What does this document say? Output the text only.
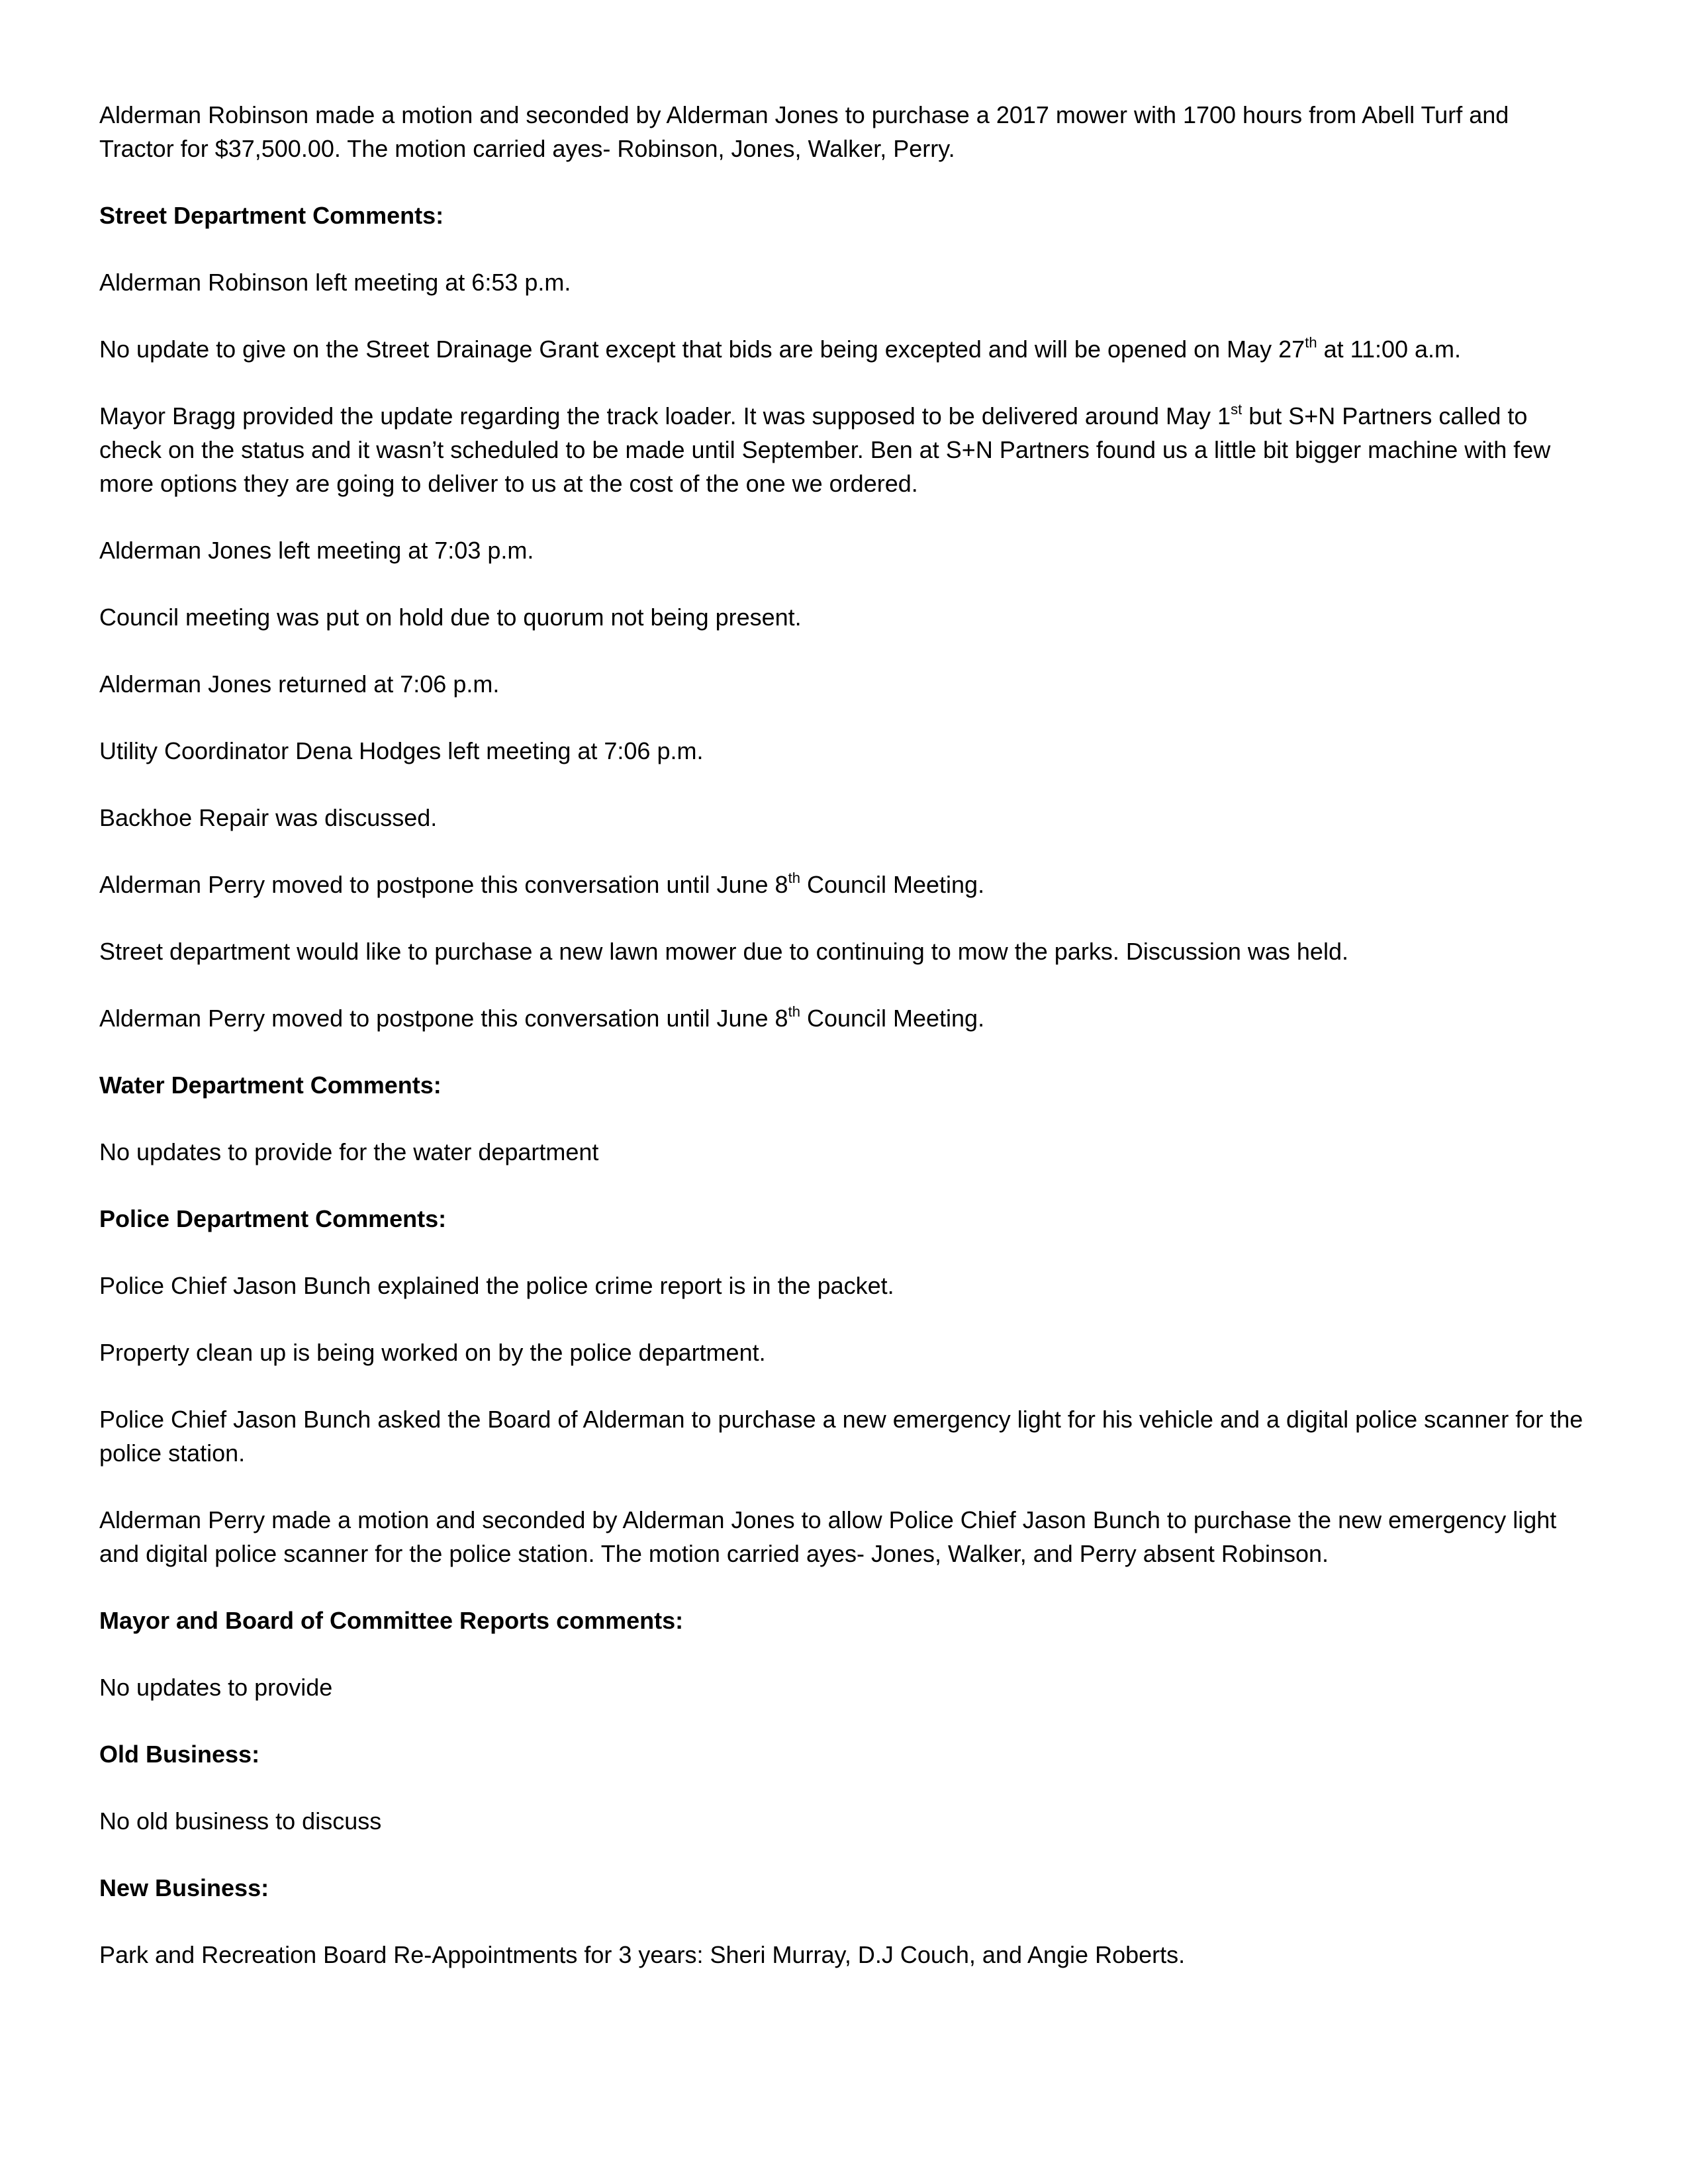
Alderman Robinson made a motion and seconded by Alderman Jones to purchase a 2017 mower with 1700 hours from Abell Turf and Tractor for $37,500.00. The motion carried ayes- Robinson, Jones, Walker, Perry.

Street Department Comments:

Alderman Robinson left meeting at 6:53 p.m.

No update to give on the Street Drainage Grant except that bids are being excepted and will be opened on May 27th at 11:00 a.m.

Mayor Bragg provided the update regarding the track loader. It was supposed to be delivered around May 1st but S+N Partners called to check on the status and it wasn’t scheduled to be made until September. Ben at S+N Partners found us a little bit bigger machine with few more options they are going to deliver to us at the cost of the one we ordered.

Alderman Jones left meeting at 7:03 p.m.

Council meeting was put on hold due to quorum not being present.

Alderman Jones returned at 7:06 p.m.

Utility Coordinator Dena Hodges left meeting at 7:06 p.m.

Backhoe Repair was discussed.

Alderman Perry moved to postpone this conversation until June 8th Council Meeting.

Street department would like to purchase a new lawn mower due to continuing to mow the parks. Discussion was held.

Alderman Perry moved to postpone this conversation until June 8th Council Meeting.

Water Department Comments:

No updates to provide for the water department

Police Department Comments:

Police Chief Jason Bunch explained the police crime report is in the packet.

Property clean up is being worked on by the police department.

Police Chief Jason Bunch asked the Board of Alderman to purchase a new emergency light for his vehicle and a digital police scanner for the police station.

Alderman Perry made a motion and seconded by Alderman Jones to allow Police Chief Jason Bunch to purchase the new emergency light and digital police scanner for the police station. The motion carried ayes- Jones, Walker, and Perry absent Robinson.

Mayor and Board of Committee Reports comments:

No updates to provide

Old Business:

No old business to discuss

New Business:

Park and Recreation Board Re-Appointments for 3 years: Sheri Murray, D.J Couch, and Angie Roberts.
